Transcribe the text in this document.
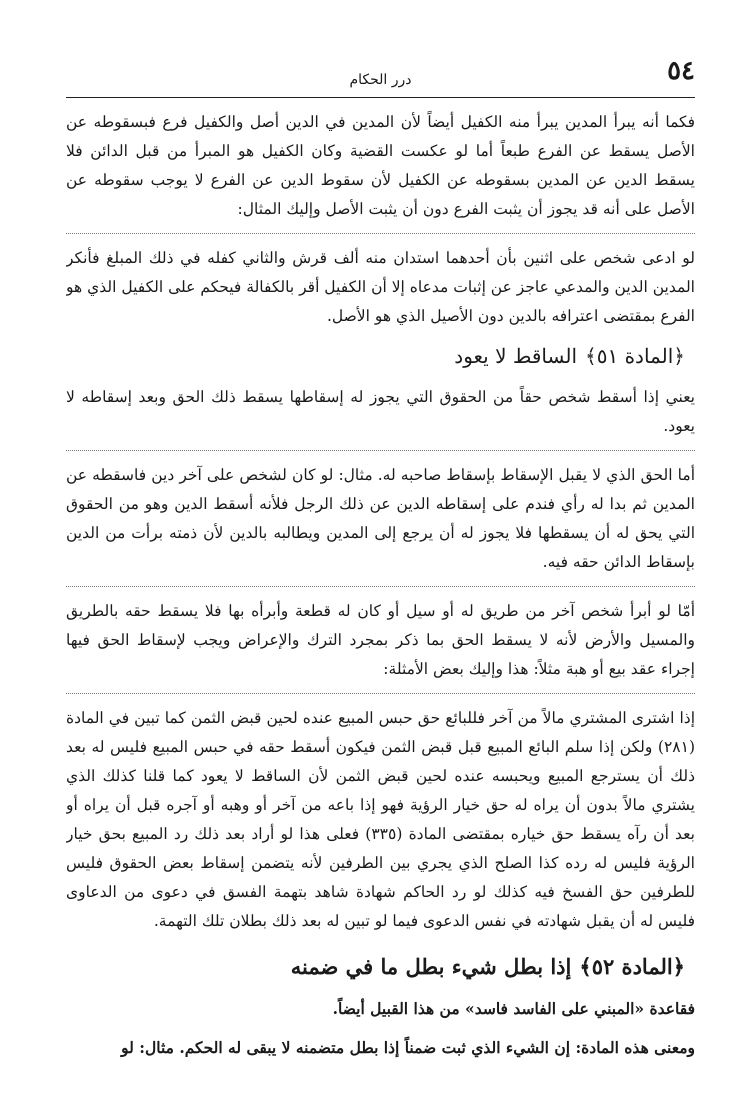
٥٤
درر الحكام

فكما أنه يبرأ المدين يبرأ منه الكفيل أيضاً لأن المدين في الدين أصل والكفيل فرع فبسقوطه عن الأصل يسقط عن الفرع طبعاً أما لو عكست القضية وكان الكفيل هو المبرأ من قبل الدائن فلا يسقط الدين عن المدين بسقوطه عن الكفيل لأن سقوط الدين عن الفرع لا يوجب سقوطه عن الأصل على أنه قد يجوز أن يثبت الفرع دون أن يثبت الأصل وإليك المثال:

لو ادعى شخص على اثنين بأن أحدهما استدان منه ألف قرش والثاني كفله في ذلك المبلغ فأنكر المدين الدين والمدعي عاجز عن إثبات مدعاه إلا أن الكفيل أقر بالكفالة فيحكم على الكفيل الذي هو الفرع بمقتضى اعترافه بالدين دون الأصيل الذي هو الأصل.

﴿المادة ٥١﴾الساقط لا يعود

يعني إذا أسقط شخص حقاً من الحقوق التي يجوز له إسقاطها يسقط ذلك الحق وبعد إسقاطه لا يعود.

أما الحق الذي لا يقبل الإسقاط بإسقاط صاحبه له. مثال: لو كان لشخص على آخر دين فاسقطه عن المدين ثم بدا له رأي فندم على إسقاطه الدين عن ذلك الرجل فلأنه أسقط الدين وهو من الحقوق التي يحق له أن يسقطها فلا يجوز له أن يرجع إلى المدين ويطالبه بالدين لأن ذمته برأت من الدين بإسقاط الدائن حقه فيه.

أمّا لو أبرأ شخص آخر من طريق له أو سيل أو كان له قطعة وأبرأه بها فلا يسقط حقه بالطريق والمسيل والأرض لأنه لا يسقط الحق بما ذكر بمجرد الترك والإعراض ويجب لإسقاط الحق فيها إجراء عقد بيع أو هبة مثلاً: هذا وإليك بعض الأمثلة:

إذا اشترى المشتري مالاً من آخر فللبائع حق حبس المبيع عنده لحين قبض الثمن كما تبين في المادة (٢٨١) ولكن إذا سلم البائع المبيع قبل قبض الثمن فيكون أسقط حقه في حبس المبيع فليس له بعد ذلك أن يسترجع المبيع ويحبسه عنده لحين قبض الثمن لأن الساقط لا يعود كما قلنا كذلك الذي يشتري مالاً بدون أن يراه له حق خيار الرؤية فهو إذا باعه من آخر أو وهبه أو آجره قبل أن يراه أو بعد أن رآه يسقط حق خياره بمقتضى المادة (٣٣٥) فعلى هذا لو أراد بعد ذلك رد المبيع بحق خيار الرؤية فليس له رده كذا الصلح الذي يجري بين الطرفين لأنه يتضمن إسقاط بعض الحقوق فليس للطرفين حق الفسخ فيه كذلك لو رد الحاكم شهادة شاهد بتهمة الفسق في دعوى من الدعاوى فليس له أن يقبل شهادته في نفس الدعوى فيما لو تبين له بعد ذلك بطلان تلك التهمة.

﴿المادة ٥٢﴾إذا بطل شيء بطل ما في ضمنه

فقاعدة «المبني على الفاسد فاسد» من هذا القبيل أيضاً.

ومعنى هذه المادة: إن الشيء الذي ثبت ضمناً إذا بطل متضمنه لا يبقى له الحكم. مثال: لو
